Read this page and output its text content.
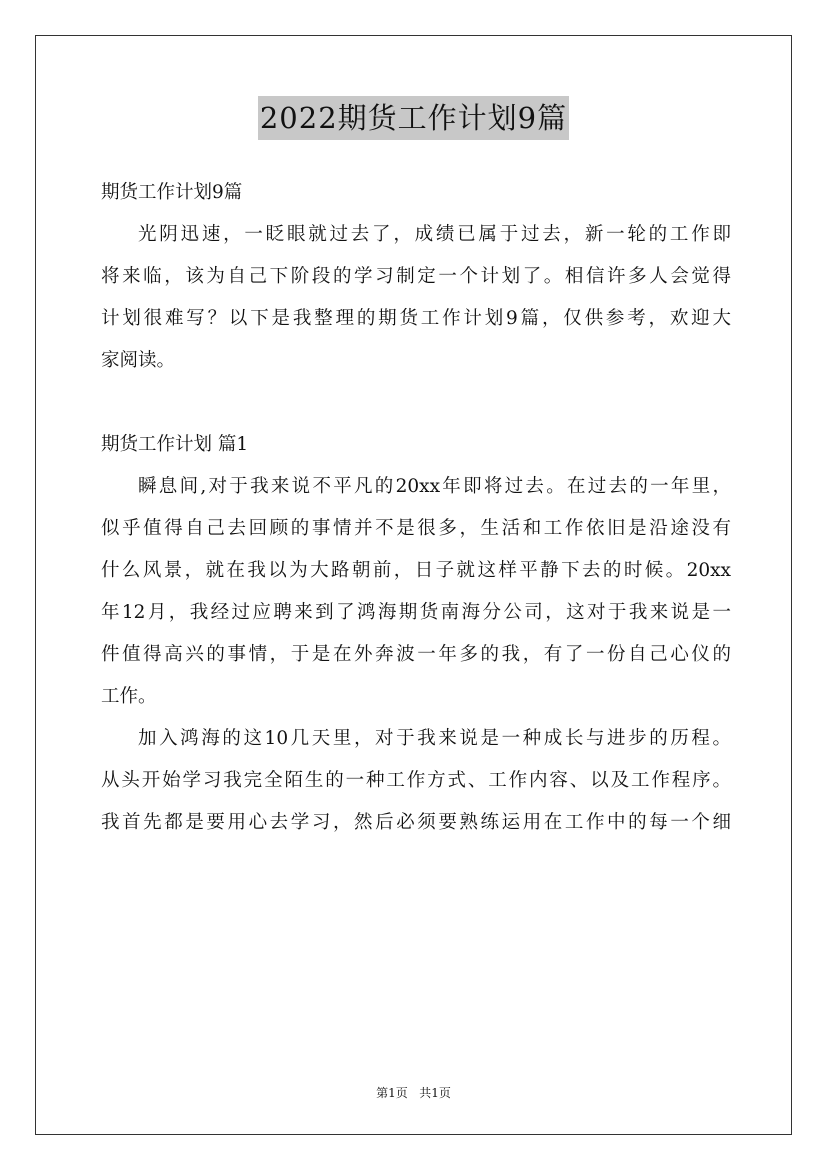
2022期货工作计划9篇
期货工作计划9篇
光阴迅速，一眨眼就过去了，成绩已属于过去，新一轮的工作即
将来临，该为自己下阶段的学习制定一个计划了。相信许多人会觉得
计划很难写？以下是我整理的期货工作计划9篇，仅供参考，欢迎大
家阅读。
期货工作计划 篇1
瞬息间,对于我来说不平凡的20xx年即将过去。在过去的一年里，
似乎值得自己去回顾的事情并不是很多，生活和工作依旧是沿途没有
什么风景，就在我以为大路朝前，日子就这样平静下去的时候。20xx
年12月，我经过应聘来到了鸿海期货南海分公司，这对于我来说是一
件值得高兴的事情，于是在外奔波一年多的我，有了一份自己心仪的
工作。
加入鸿海的这10几天里，对于我来说是一种成长与进步的历程。
从头开始学习我完全陌生的一种工作方式、工作内容、以及工作程序。
我首先都是要用心去学习，然后必须要熟练运用在工作中的每一个细
第1页   共1页
